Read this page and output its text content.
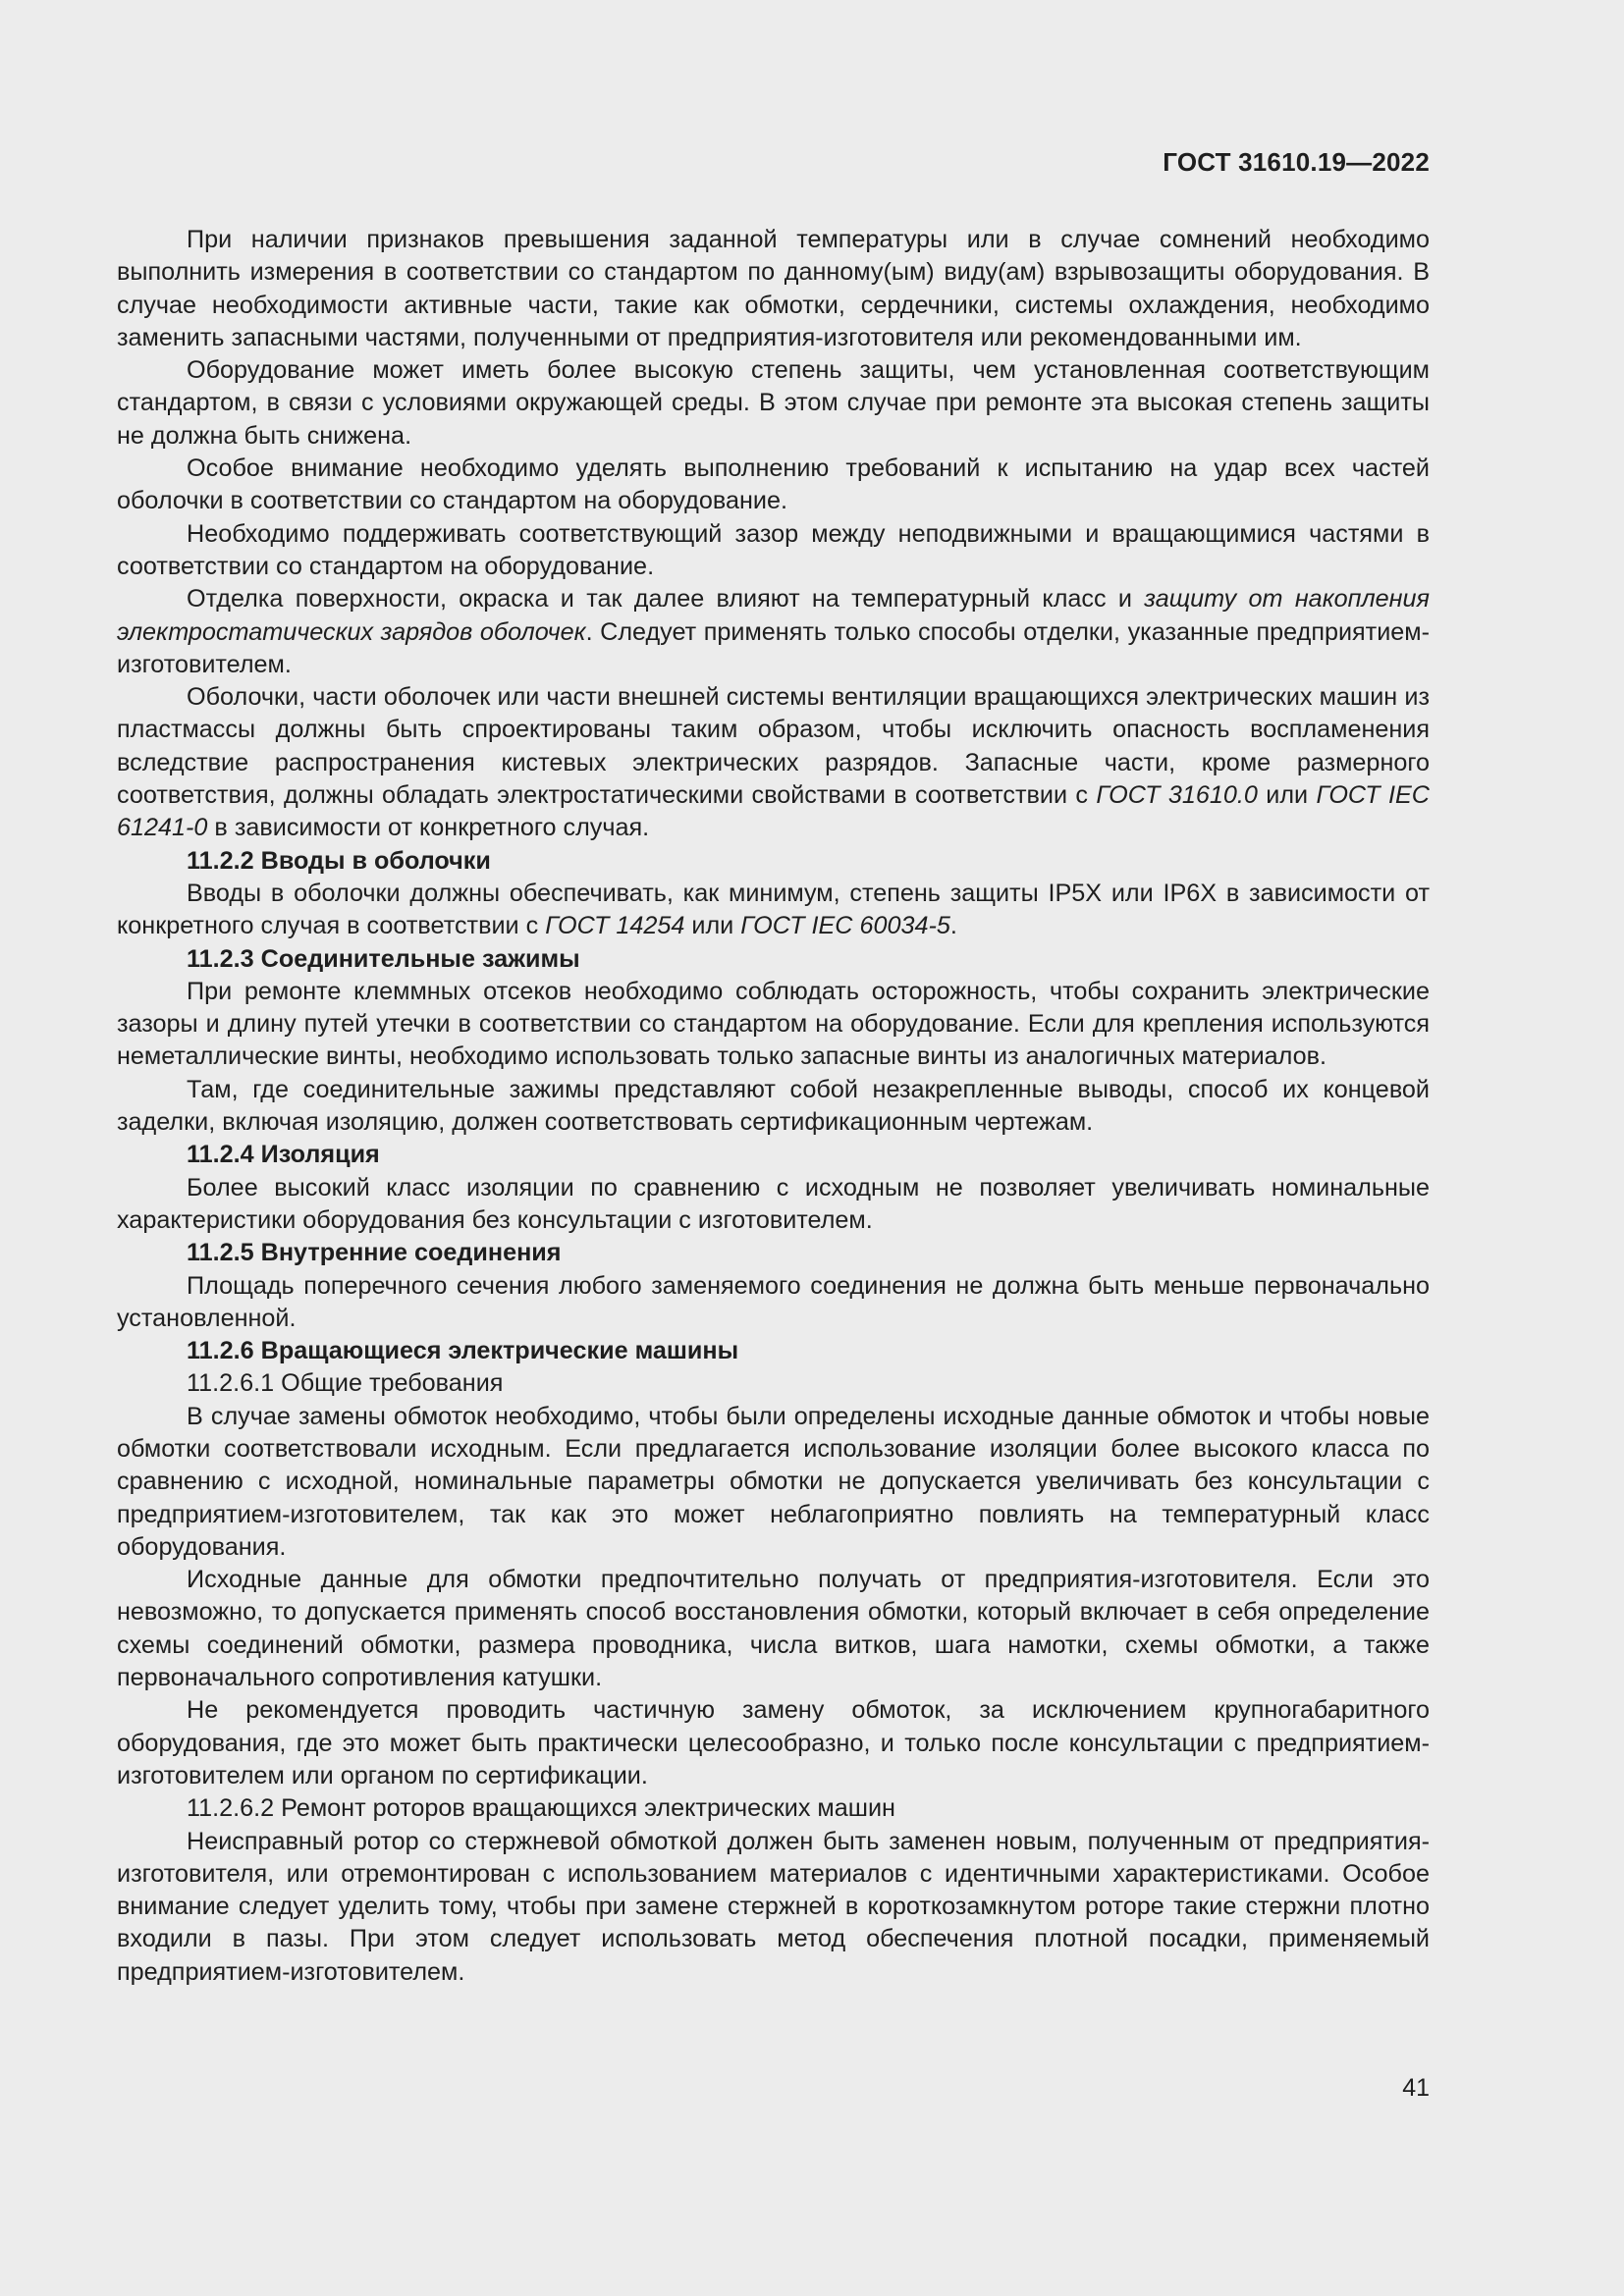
ГОСТ 31610.19—2022

При наличии признаков превышения заданной температуры или в случае сомнений необходимо выполнить измерения в соответствии со стандартом по данному(ым) виду(ам) взрывозащиты оборудования. В случае необходимости активные части, такие как обмотки, сердечники, системы охлаждения, необходимо заменить запасными частями, полученными от предприятия-изготовителя или рекомендованными им.

Оборудование может иметь более высокую степень защиты, чем установленная соответствующим стандартом, в связи с условиями окружающей среды. В этом случае при ремонте эта высокая степень защиты не должна быть снижена.

Особое внимание необходимо уделять выполнению требований к испытанию на удар всех частей оболочки в соответствии со стандартом на оборудование.

Необходимо поддерживать соответствующий зазор между неподвижными и вращающимися частями в соответствии со стандартом на оборудование.

Отделка поверхности, окраска и так далее влияют на температурный класс и защиту от накопления электростатических зарядов оболочек. Следует применять только способы отделки, указанные предприятием-изготовителем.

Оболочки, части оболочек или части внешней системы вентиляции вращающихся электрических машин из пластмассы должны быть спроектированы таким образом, чтобы исключить опасность воспламенения вследствие распространения кистевых электрических разрядов. Запасные части, кроме размерного соответствия, должны обладать электростатическими свойствами в соответствии с ГОСТ 31610.0 или ГОСТ IEC 61241-0 в зависимости от конкретного случая.

11.2.2 Вводы в оболочки

Вводы в оболочки должны обеспечивать, как минимум, степень защиты IP5X или IP6X в зависимости от конкретного случая в соответствии с ГОСТ 14254 или ГОСТ IEC 60034-5.

11.2.3 Соединительные зажимы

При ремонте клеммных отсеков необходимо соблюдать осторожность, чтобы сохранить электрические зазоры и длину путей утечки в соответствии со стандартом на оборудование. Если для крепления используются неметаллические винты, необходимо использовать только запасные винты из аналогичных материалов.

Там, где соединительные зажимы представляют собой незакрепленные выводы, способ их концевой заделки, включая изоляцию, должен соответствовать сертификационным чертежам.

11.2.4 Изоляция

Более высокий класс изоляции по сравнению с исходным не позволяет увеличивать номинальные характеристики оборудования без консультации с изготовителем.

11.2.5 Внутренние соединения

Площадь поперечного сечения любого заменяемого соединения не должна быть меньше первоначально установленной.

11.2.6 Вращающиеся электрические машины

11.2.6.1 Общие требования

В случае замены обмоток необходимо, чтобы были определены исходные данные обмоток и чтобы новые обмотки соответствовали исходным. Если предлагается использование изоляции более высокого класса по сравнению с исходной, номинальные параметры обмотки не допускается увеличивать без консультации с предприятием-изготовителем, так как это может неблагоприятно повлиять на температурный класс оборудования.

Исходные данные для обмотки предпочтительно получать от предприятия-изготовителя. Если это невозможно, то допускается применять способ восстановления обмотки, который включает в себя определение схемы соединений обмотки, размера проводника, числа витков, шага намотки, схемы обмотки, а также первоначального сопротивления катушки.

Не рекомендуется проводить частичную замену обмоток, за исключением крупногабаритного оборудования, где это может быть практически целесообразно, и только после консультации с предприятием-изготовителем или органом по сертификации.

11.2.6.2 Ремонт роторов вращающихся электрических машин

Неисправный ротор со стержневой обмоткой должен быть заменен новым, полученным от предприятия-изготовителя, или отремонтирован с использованием материалов с идентичными характеристиками. Особое внимание следует уделить тому, чтобы при замене стержней в короткозамкнутом роторе такие стержни плотно входили в пазы. При этом следует использовать метод обеспечения плотной посадки, применяемый предприятием-изготовителем.

41
